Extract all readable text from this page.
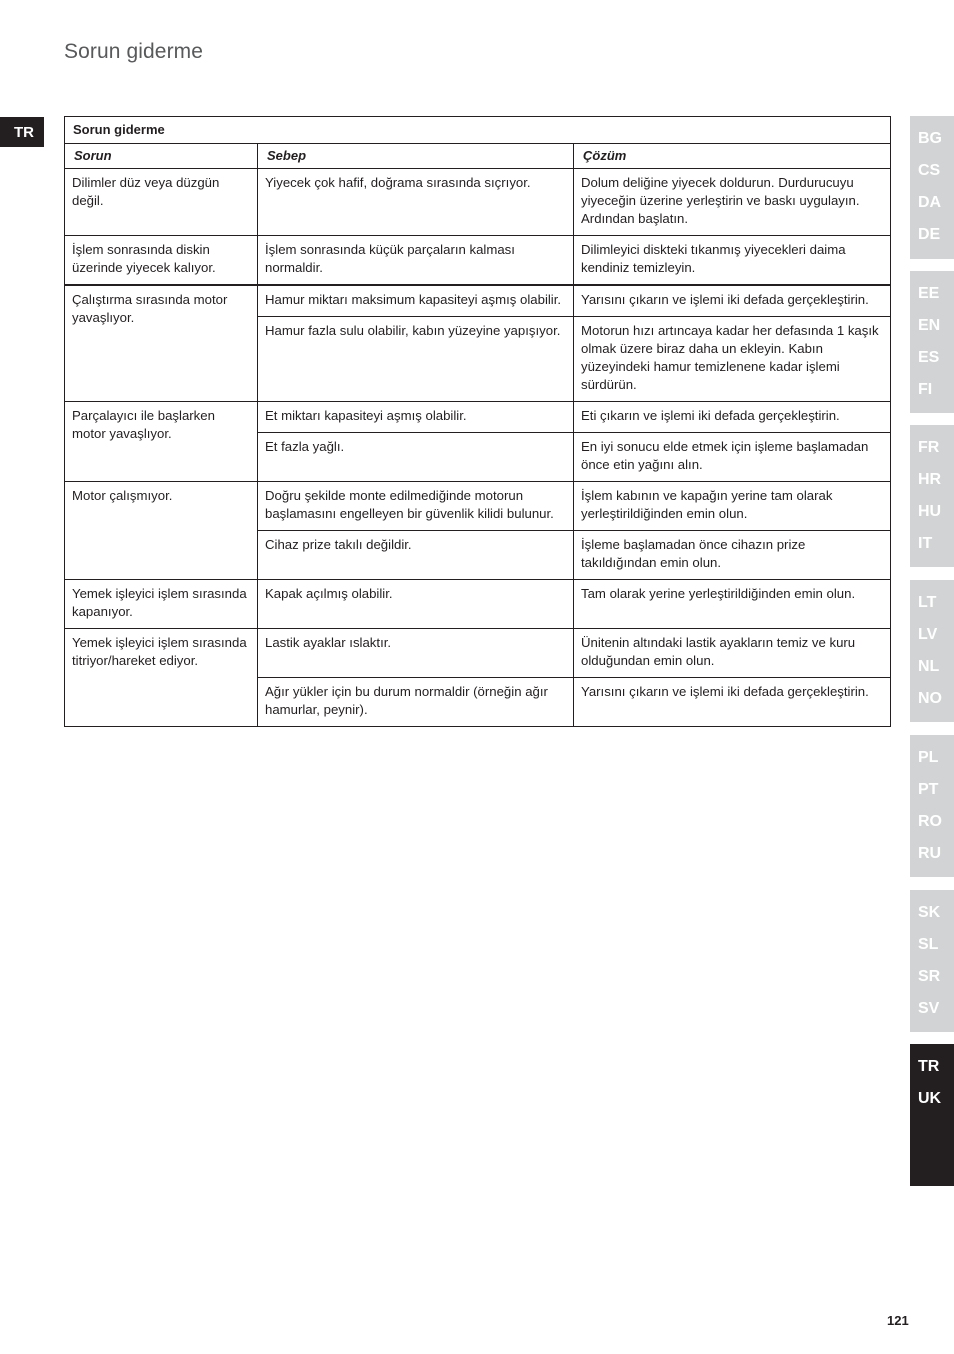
Sorun giderme
TR	Sorun giderme		
Sorun	Sebep	Çözüm
Dilimler düz veya düzgün değil.	Yiyecek çok hafif, doğrama sırasında sıçrıyor.	Dolum deliğine yiyecek doldurun. Durdurucuyu yiyeceğin üzerine yerleştirin ve baskı uygulayın. Ardından başlatın.
İşlem sonrasında diskin üzerinde yiyecek kalıyor.	İşlem sonrasında küçük parçaların kalması normaldir.	Dilimleyici diskteki tıkanmış yiyecekleri daima kendiniz temizleyin.
Çalıştırma sırasında motor yavaşlıyor.	Hamur miktarı maksimum kapasiteyi aşmış olabilir.	Yarısını çıkarın ve işlemi iki defada gerçekleştirin.
	Hamur fazla sulu olabilir, kabın yüzeyine yapışıyor.	Motorun hızı artıncaya kadar her defasında 1 kaşık olmak üzere biraz daha un ekleyin. Kabın yüzeyindeki hamur temizlenene kadar işlemi sürdürün.
Parçalayıcı ile başlarken motor yavaşlıyor.	Et miktarı kapasiteyi aşmış olabilir.	Eti çıkarın ve işlemi iki defada gerçekleştirin.
	Et fazla yağlı.	En iyi sonucu elde etmek için işleme başlamadan önce etin yağını alın.
Motor çalışmıyor.	Doğru şekilde monte edilmediğinde motorun başlamasını engelleyen bir güvenlik kilidi bulunur.	İşlem kabının ve kapağın yerine tam olarak yerleştirildiğinden emin olun.
	Cihaz prize takılı değildir.	İşleme başlamadan önce cihazın prize takıldığından emin olun.
Yemek işleyici işlem sırasında kapanıyor.	Kapak açılmış olabilir.	Tam olarak yerine yerleştirildiğinden emin olun.
Yemek işleyici işlem sırasında titriyor/hareket ediyor.	Lastik ayaklar ıslaktır.	Ünitenin altındaki lastik ayakların temiz ve kuru olduğundan emin olun.
	Ağır yükler için bu durum normaldir (örneğin ağır hamurlar, peynir).	Yarısını çıkarın ve işlemi iki defada gerçekleştirin.
BG
CS
DA
DE
EE
EN
ES
FI
FR
HR
HU
IT
LT
LV
NL
NO
PL
PT
RO
RU
SK
SL
SR
SV
TR
UK
121
